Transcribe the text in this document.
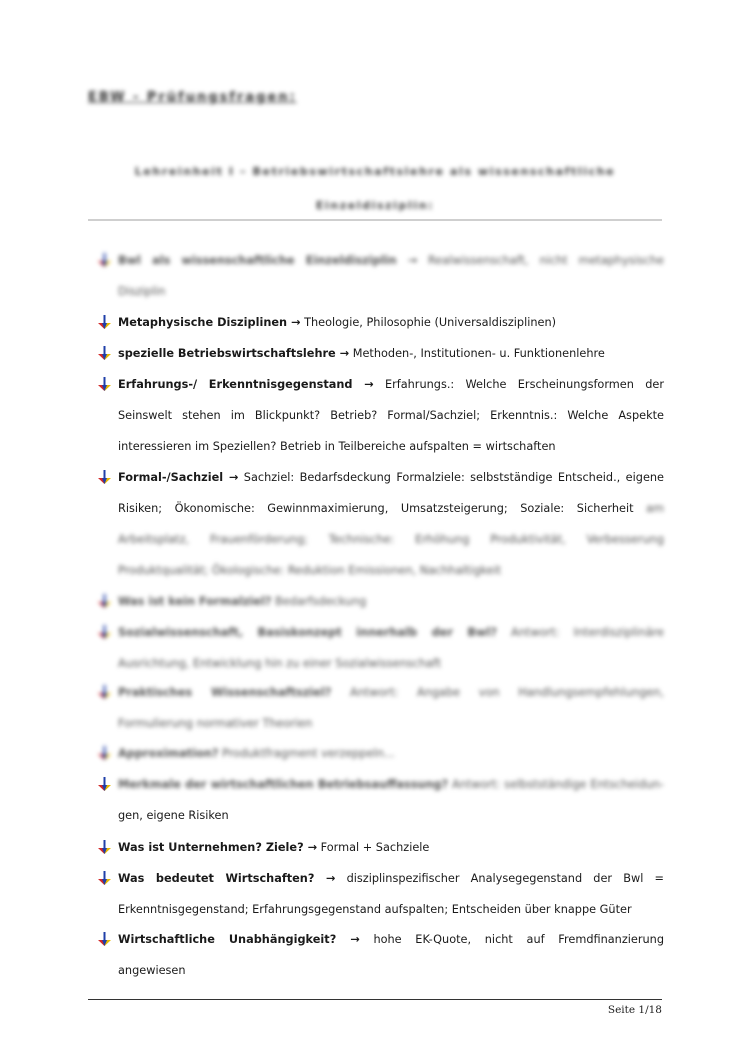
EBW - Prüfungsfragen:
Lehreinheit I – Betriebswirtschaftslehre als wissenschaftliche Einzeldisziplin:
Bwl als wissenschaftliche Einzeldisziplin → Realwissenschaft, nicht metaphysische Disziplin
Metaphysische Disziplinen → Theologie, Philosophie (Universaldisziplinen)
spezielle Betriebswirtschaftslehre → Methoden-, Institutionen- u. Funktionenlehre
Erfahrungs-/ Erkenntnisgegenstand → Erfahrungs.: Welche Erscheinungsformen der Seinswelt stehen im Blickpunkt? Betrieb? Formal/Sachziel; Erkenntnis.: Welche Aspekte interessieren im Speziellen? Betrieb in Teilbereiche aufspalten = wirtschaften
Formal-/Sachziel → Sachziel: Bedarfsdeckung Formalziele: selbstständige Entscheid., eigene Risiken; Ökonomische: Gewinnmaximierung, Umsatzsteigerung; Soziale: Sicherheit am Arbeitsplatz, Frauenförderung; Technische: Erhöhung Produktivität, Verbesserung Produktqualität; Ökologische: Reduktion Emissionen, Nachhaltigkeit
Was ist kein Formalziel? Bedarfsdeckung
Sozialwissenschaft, Basiskonzept innerhalb der Bwl? Antwort: Interdisziplinäre Ausrichtung, Entwicklung hin zu einer Sozialwissenschaft
Praktisches Wissenschaftsziel? Antwort: Angabe von Handlungsempfehlungen, Formulierung normativer Theorien
Approximation? Produktfragment verzeppeln...
Merkmale der wirtschaftlichen Betriebsauffassung? Antwort: selbstständige Entscheidun- gen, eigene Risiken
Was ist Unternehmen? Ziele? → Formal + Sachziele
Was bedeutet Wirtschaften? → disziplinspezifischer Analysegegenstand der Bwl = Erkenntnisgegenstand; Erfahrungsgegenstand aufspalten; Entscheiden über knappe Güter
Wirtschaftliche Unabhängigkeit? → hohe EK-Quote, nicht auf Fremdfinanzierung angewiesen
Seite 1/18
